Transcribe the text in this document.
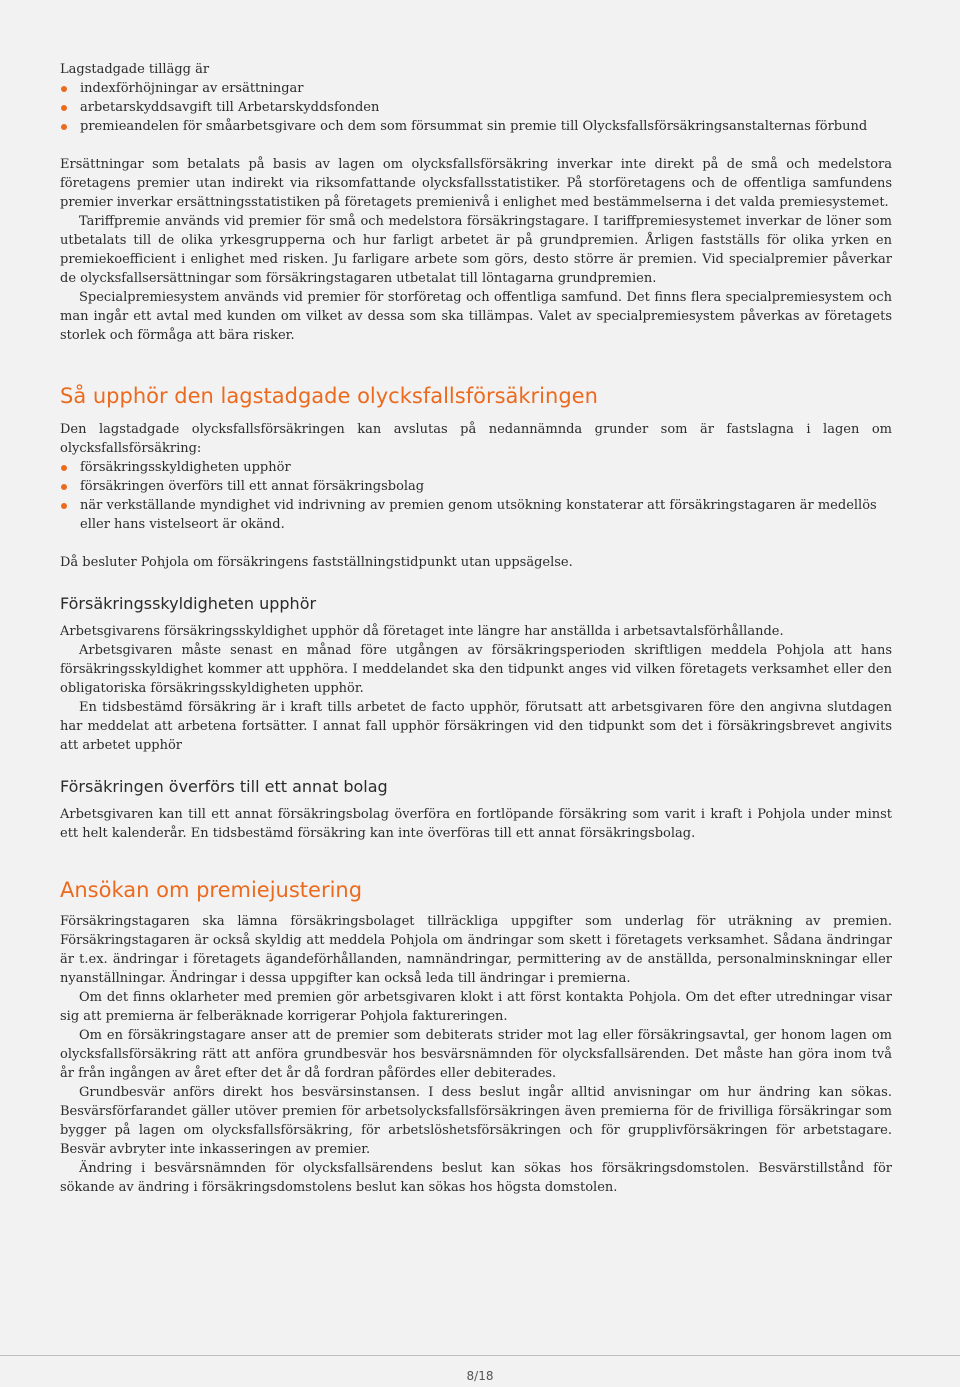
Lagstadgade tillägg är

indexförhöjningar av ersättningar
arbetarskyddsavgift till Arbetarskyddsfonden
premieandelen för småarbetsgivare och dem som försummat sin premie till Olycksfallsförsäkringsanstalternas förbund

Ersättningar som betalats på basis av lagen om olycksfallsförsäkring inverkar inte direkt på de små och medelstora företagens premier utan indirekt via riksomfattande olycksfallsstatistiker. På storföretagens och de offentliga samfundens premier inverkar ersättningsstatistiken på företagets premienivå i enlighet med bestämmelserna i det valda premiesystemet.

Tariffpremie används vid premier för små och medelstora försäkringstagare. I tariffpremiesystemet inverkar de löner som utbetalats till de olika yrkesgrupperna och hur farligt arbetet är på grundpremien. Årligen fastställs för olika yrken en premiekoefficient i enlighet med risken. Ju farligare arbete som görs, desto större är premien. Vid specialpremier påverkar de olycksfallsersättningar som försäkringstagaren utbetalat till löntagarna grundpremien.

Specialpremiesystem används vid premier för storföretag och offentliga samfund. Det finns flera specialpremiesystem och man ingår ett avtal med kunden om vilket av dessa som ska tillämpas. Valet av specialpremiesystem påverkas av företagets storlek och förmåga att bära risker.

Så upphör den lagstadgade olycksfallsförsäkringen

Den lagstadgade olycksfallsförsäkringen kan avslutas på nedannämnda grunder som är fastslagna i lagen om olycksfallsförsäkring:

försäkringsskyldigheten upphör
försäkringen överförs till ett annat försäkringsbolag
när verkställande myndighet vid indrivning av premien genom utsökning konstaterar att försäkringstagaren är medellös eller hans vistelseort är okänd.

Då besluter Pohjola om försäkringens fastställningstidpunkt utan uppsägelse.

Försäkringsskyldigheten upphör

Arbetsgivarens försäkringsskyldighet upphör då företaget inte längre har anställda i arbetsavtalsförhållande.

Arbetsgivaren måste senast en månad före utgången av försäkringsperioden skriftligen meddela Pohjola att hans försäkringsskyldighet kommer att upphöra. I meddelandet ska den tidpunkt anges vid vilken företagets verksamhet eller den obligatoriska försäkringsskyldigheten upphör.

En tidsbestämd försäkring är i kraft tills arbetet de facto upphör, förutsatt att arbetsgivaren före den angivna slutdagen har meddelat att arbetena fortsätter. I annat fall upphör försäkringen vid den tidpunkt som det i försäkringsbrevet angivits att arbetet upphör

Försäkringen överförs till ett annat bolag

Arbetsgivaren kan till ett annat försäkringsbolag överföra en fortlöpande försäkring som varit i kraft i Pohjola under minst ett helt kalenderår. En tidsbestämd försäkring kan inte överföras till ett annat försäkringsbolag.

Ansökan om premiejustering

Försäkringstagaren ska lämna försäkringsbolaget tillräckliga uppgifter som underlag för uträkning av premien. Försäkringstagaren är också skyldig att meddela Pohjola om ändringar som skett i företagets verksamhet. Sådana ändringar är t.ex. ändringar i företagets ägandeförhållanden, namnändringar, permittering av de anställda, personalminskningar eller nyanställningar. Ändringar i dessa uppgifter kan också leda till ändringar i premierna.

Om det finns oklarheter med premien gör arbetsgivaren klokt i att först kontakta Pohjola. Om det efter utredningar visar sig att premierna är felberäknade korrigerar Pohjola faktureringen.

Om en försäkringstagare anser att de premier som debiterats strider mot lag eller försäkringsavtal, ger honom lagen om olycksfallsförsäkring rätt att anföra grundbesvär hos besvärsnämnden för olycksfallsärenden. Det måste han göra inom två år från ingången av året efter det år då fordran påfördes eller debiterades.

Grundbesvär anförs direkt hos besvärsinstansen. I dess beslut ingår alltid anvisningar om hur ändring kan sökas. Besvärsförfarandet gäller utöver premien för arbetsolycksfallsförsäkringen även premierna för de frivilliga försäkringar som bygger på lagen om olycksfallsförsäkring, för arbetslöshetsförsäkringen och för grupplivförsäkringen för arbetstagare. Besvär avbryter inte inkasseringen av premier.

Ändring i besvärsnämnden för olycksfallsärendens beslut kan sökas hos försäkringsdomstolen. Besvärstillstånd för sökande av ändring i försäkringsdomstolens beslut kan sökas hos högsta domstolen.

8/18
